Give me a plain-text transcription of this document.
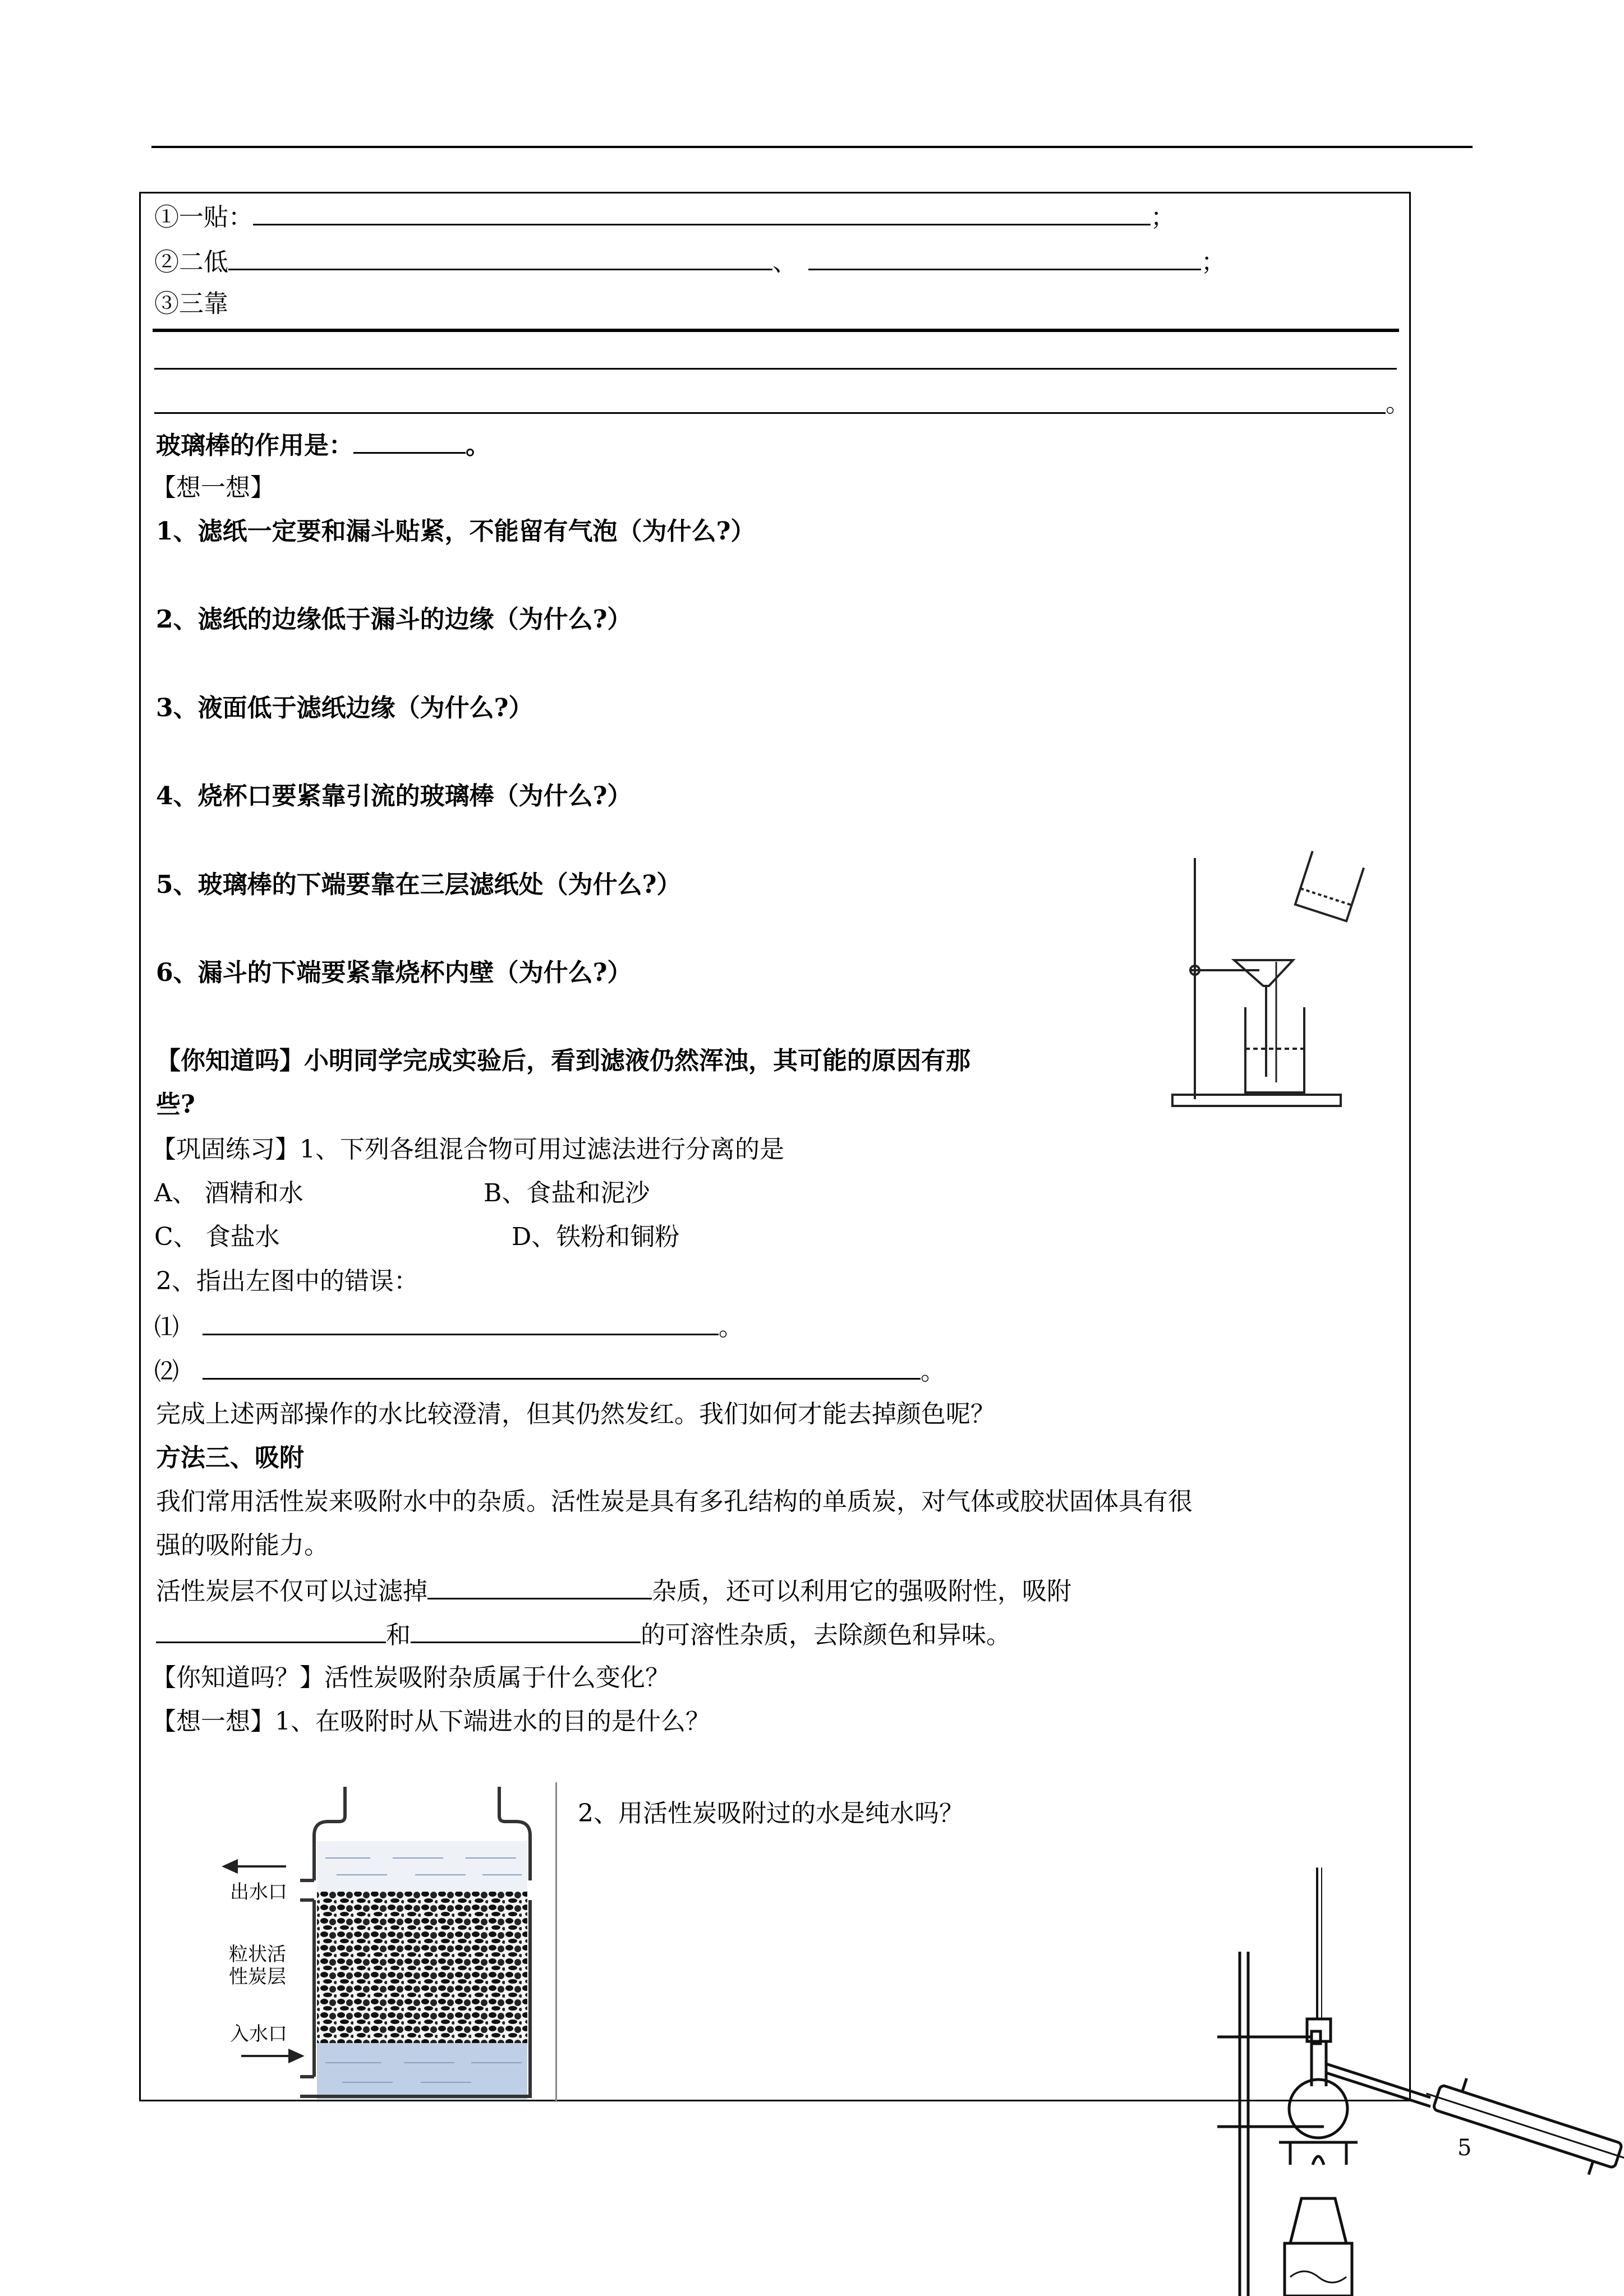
①一贴：	；
②二低	、	；
③三靠
。
玻璃棒的作用是：	。
【想一想】
1、滤纸一定要和漏斗贴紧，不能留有气泡（为什么?）
2、滤纸的边缘低于漏斗的边缘（为什么?）
3、液面低于滤纸边缘（为什么?）
4、烧杯口要紧靠引流的玻璃棒（为什么?）
5、玻璃棒的下端要靠在三层滤纸处（为什么?）
6、漏斗的下端要紧靠烧杯内壁（为什么?）
【你知道吗】小明同学完成实验后，看到滤液仍然浑浊，其可能的原因有那
些?
【巩固练习】1、下列各组混合物可用过滤法进行分离的是
A、 酒精和水	B、食盐和泥沙
C、 食盐水	D、铁粉和铜粉
2、指出左图中的错误：
⑴	。
⑵	。
完成上述两部操作的水比较澄清，但其仍然发红。我们如何才能去掉颜色呢？
方法三、吸附
我们常用活性炭来吸附水中的杂质。活性炭是具有多孔结构的单质炭，对气体或胶状固体具有很
强的吸附能力。
活性炭层不仅可以过滤掉	杂质，还可以利用它的强吸附性，吸附
和	的可溶性杂质，去除颜色和异味。
【你知道吗？】活性炭吸附杂质属于什么变化？
【想一想】1、在吸附时从下端进水的目的是什么？
2、用活性炭吸附过的水是纯水吗？
出水口
粒状活
性炭层
入水口
5
